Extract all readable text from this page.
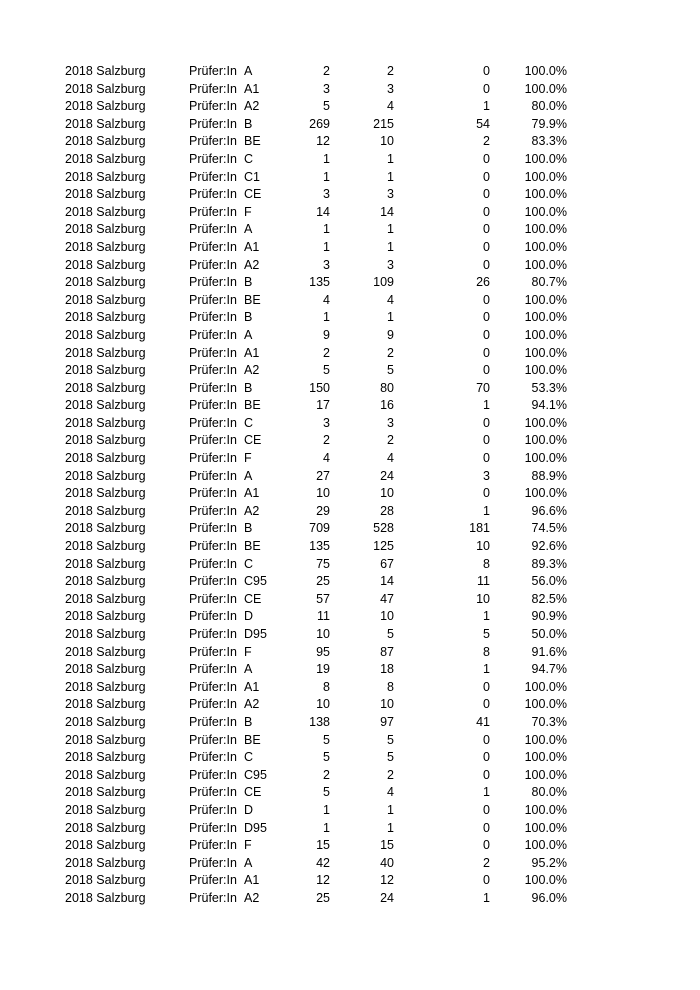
2018 Salzburg	Prüfer:In A	2	2	0	100.0%
2018 Salzburg	Prüfer:In A1	3	3	0	100.0%
2018 Salzburg	Prüfer:In A2	5	4	1	80.0%
2018 Salzburg	Prüfer:In B	269	215	54	79.9%
2018 Salzburg	Prüfer:In BE	12	10	2	83.3%
2018 Salzburg	Prüfer:In C	1	1	0	100.0%
2018 Salzburg	Prüfer:In C1	1	1	0	100.0%
2018 Salzburg	Prüfer:In CE	3	3	0	100.0%
2018 Salzburg	Prüfer:In F	14	14	0	100.0%
2018 Salzburg	Prüfer:In A	1	1	0	100.0%
2018 Salzburg	Prüfer:In A1	1	1	0	100.0%
2018 Salzburg	Prüfer:In A2	3	3	0	100.0%
2018 Salzburg	Prüfer:In B	135	109	26	80.7%
2018 Salzburg	Prüfer:In BE	4	4	0	100.0%
2018 Salzburg	Prüfer:In B	1	1	0	100.0%
2018 Salzburg	Prüfer:In A	9	9	0	100.0%
2018 Salzburg	Prüfer:In A1	2	2	0	100.0%
2018 Salzburg	Prüfer:In A2	5	5	0	100.0%
2018 Salzburg	Prüfer:In B	150	80	70	53.3%
2018 Salzburg	Prüfer:In BE	17	16	1	94.1%
2018 Salzburg	Prüfer:In C	3	3	0	100.0%
2018 Salzburg	Prüfer:In CE	2	2	0	100.0%
2018 Salzburg	Prüfer:In F	4	4	0	100.0%
2018 Salzburg	Prüfer:In A	27	24	3	88.9%
2018 Salzburg	Prüfer:In A1	10	10	0	100.0%
2018 Salzburg	Prüfer:In A2	29	28	1	96.6%
2018 Salzburg	Prüfer:In B	709	528	181	74.5%
2018 Salzburg	Prüfer:In BE	135	125	10	92.6%
2018 Salzburg	Prüfer:In C	75	67	8	89.3%
2018 Salzburg	Prüfer:In C95	25	14	11	56.0%
2018 Salzburg	Prüfer:In CE	57	47	10	82.5%
2018 Salzburg	Prüfer:In D	11	10	1	90.9%
2018 Salzburg	Prüfer:In D95	10	5	5	50.0%
2018 Salzburg	Prüfer:In F	95	87	8	91.6%
2018 Salzburg	Prüfer:In A	19	18	1	94.7%
2018 Salzburg	Prüfer:In A1	8	8	0	100.0%
2018 Salzburg	Prüfer:In A2	10	10	0	100.0%
2018 Salzburg	Prüfer:In B	138	97	41	70.3%
2018 Salzburg	Prüfer:In BE	5	5	0	100.0%
2018 Salzburg	Prüfer:In C	5	5	0	100.0%
2018 Salzburg	Prüfer:In C95	2	2	0	100.0%
2018 Salzburg	Prüfer:In CE	5	4	1	80.0%
2018 Salzburg	Prüfer:In D	1	1	0	100.0%
2018 Salzburg	Prüfer:In D95	1	1	0	100.0%
2018 Salzburg	Prüfer:In F	15	15	0	100.0%
2018 Salzburg	Prüfer:In A	42	40	2	95.2%
2018 Salzburg	Prüfer:In A1	12	12	0	100.0%
2018 Salzburg	Prüfer:In A2	25	24	1	96.0%
